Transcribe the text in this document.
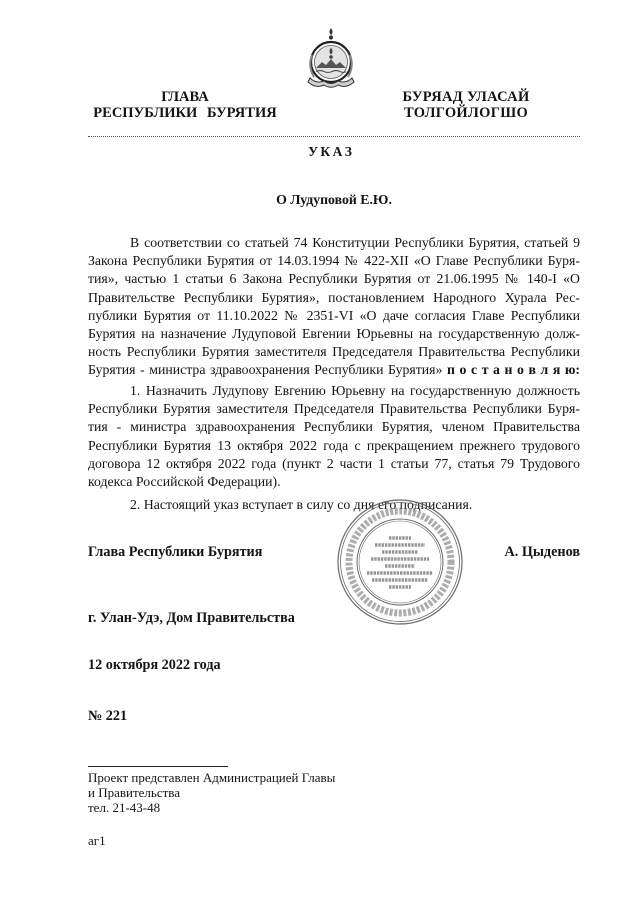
ГЛАВА
РЕСПУБЛИКИ БУРЯТИЯ
БУРЯАД УЛАСАЙ
ТОЛГОЙЛОГШО
У К А З
О Лудуповой Е.Ю.
В соответствии со статьей 74 Конституции Республики Бурятия, статьей 9
Закона Республики Бурятия от 14.03.1994 № 422-XII «О Главе Республики Буря-
тия», частью 1 статьи 6 Закона Республики Бурятия от 21.06.1995 № 140-I «О
Правительстве Республики Бурятия», постановлением Народного Хурала Рес-
публики Бурятия от 11.10.2022 № 2351-VI «О даче согласия Главе Республики
Бурятия на назначение Лудуповой Евгении Юрьевны на государственную долж-
ность Республики Бурятия заместителя Председателя Правительства Республики
Бурятия - министра здравоохранения Республики Бурятия» п о с т а н о в л я ю:
1. Назначить Лудупову Евгению Юрьевну на государственную должность
Республики Бурятия заместителя Председателя Правительства Республики Буря-
тия - министра здравоохранения Республики Бурятия, членом Правительства
Республики Бурятия 13 октября 2022 года с прекращением прежнего трудового
договора 12 октября 2022 года (пункт 2 части 1 статьи 77, статья 79 Трудового
кодекса Российской Федерации).
2. Настоящий указ вступает в силу со дня его подписания.
Глава Республики Бурятия	А. Цыденов
г. Улан-Удэ, Дом Правительства
12 октября 2022 года
№ 221
Проект представлен Администрацией Главы
и Правительства
тел. 21-43-48
аг1
